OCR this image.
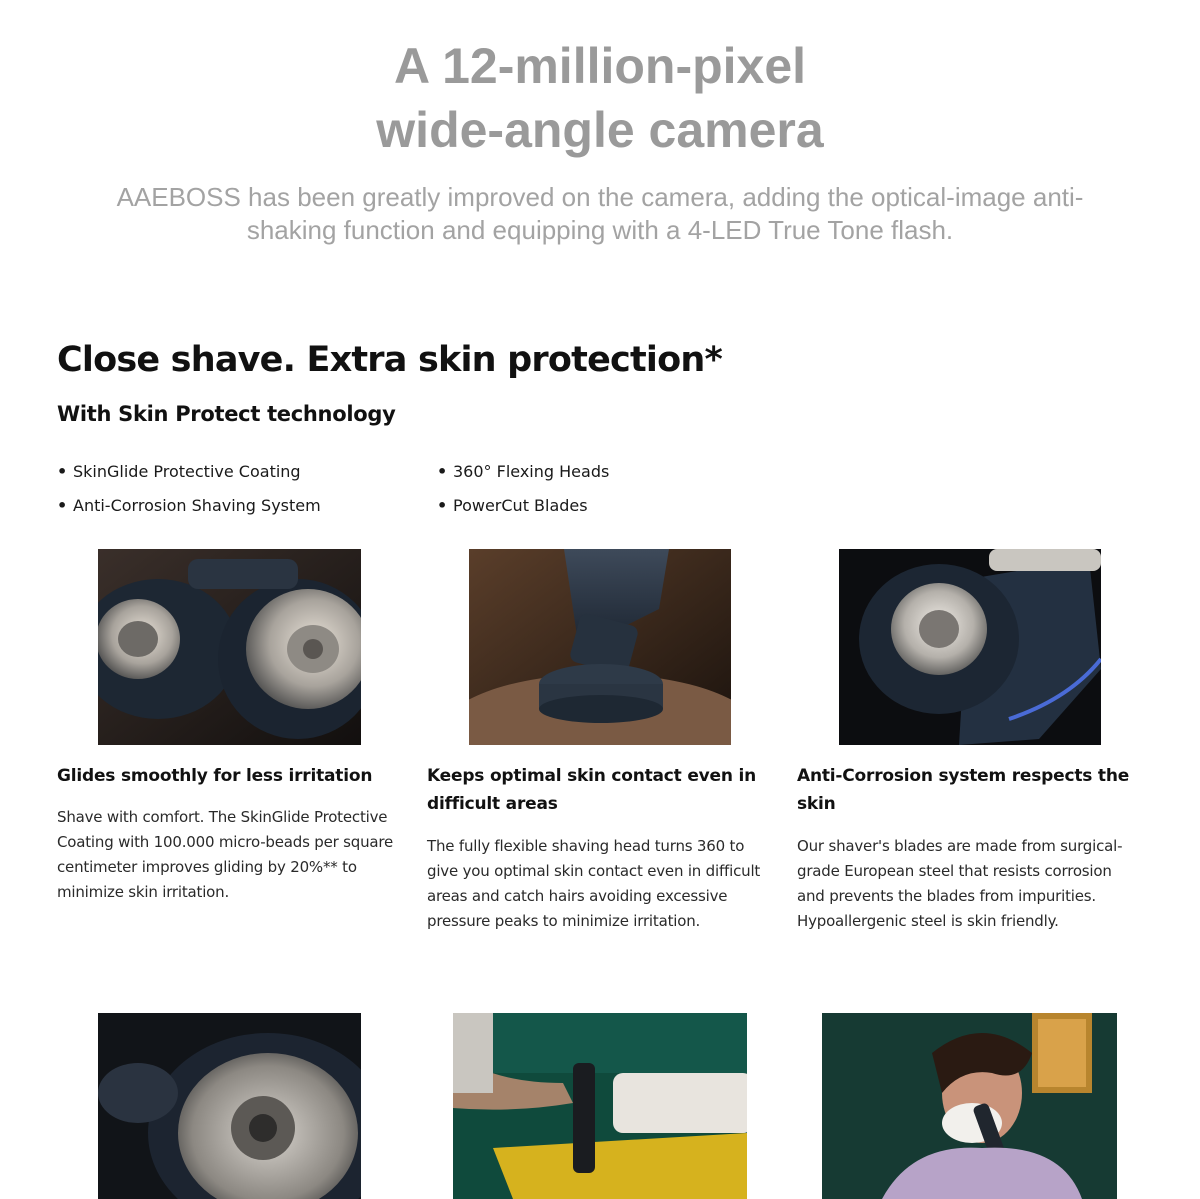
A 12-million-pixel
wide-angle camera
AAEBOSS has been greatly improved on the camera, adding the optical-image anti-shaking function and equipping with a 4-LED True Tone flash.
Close shave. Extra skin protection*
With Skin Protect technology
• SkinGlide Protective Coating
• Anti-Corrosion Shaving System
• 360° Flexing Heads
• PowerCut Blades
Glides smoothly for less irritation
Shave with comfort. The SkinGlide Protective Coating with 100.000 micro-beads per square centimeter improves gliding by 20%** to minimize skin irritation.
Keeps optimal skin contact even in difficult areas
The fully flexible shaving head turns 360 to give you optimal skin contact even in difficult areas and catch hairs avoiding excessive pressure peaks to minimize irritation.
Anti-Corrosion system respects the skin
Our shaver's blades are made from surgical-grade European steel that resists corrosion and prevents the blades from impurities. Hypoallergenic steel is skin friendly.
